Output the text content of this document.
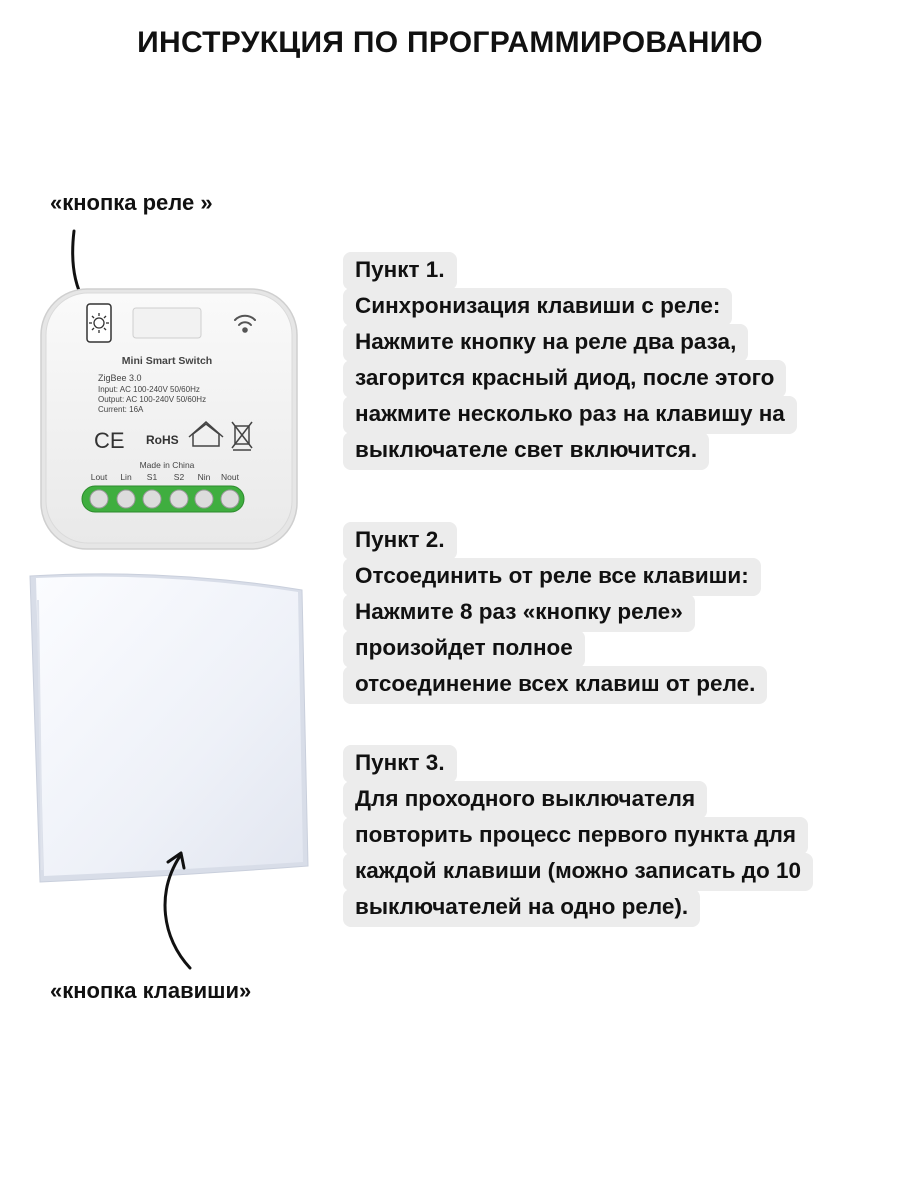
ИНСТРУКЦИЯ ПО ПРОГРАММИРОВАНИЮ
«кнопка реле »
Mini Smart Switch
ZigBee 3.0
Input: AC 100-240V 50/60Hz
Output: AC 100-240V 50/60Hz
Current: 16A
CE RoHS
Made in China
Lout Lin S1 S2 Nin Nout
«кнопка клавиши»
Пункт 1.
Синхронизация клавиши с реле:
Нажмите кнопку на реле два раза,
загорится красный диод, после этого
нажмите несколько раз на клавишу на
выключателе свет включится.
Пункт 2.
Отсоединить от реле все клавиши:
Нажмите 8 раз «кнопку реле»
произойдет полное
отсоединение всех клавиш от реле.
Пункт 3.
Для проходного выключателя
повторить процесс первого пункта для
каждой клавиши (можно записать до 10
выключателей на одно реле).
